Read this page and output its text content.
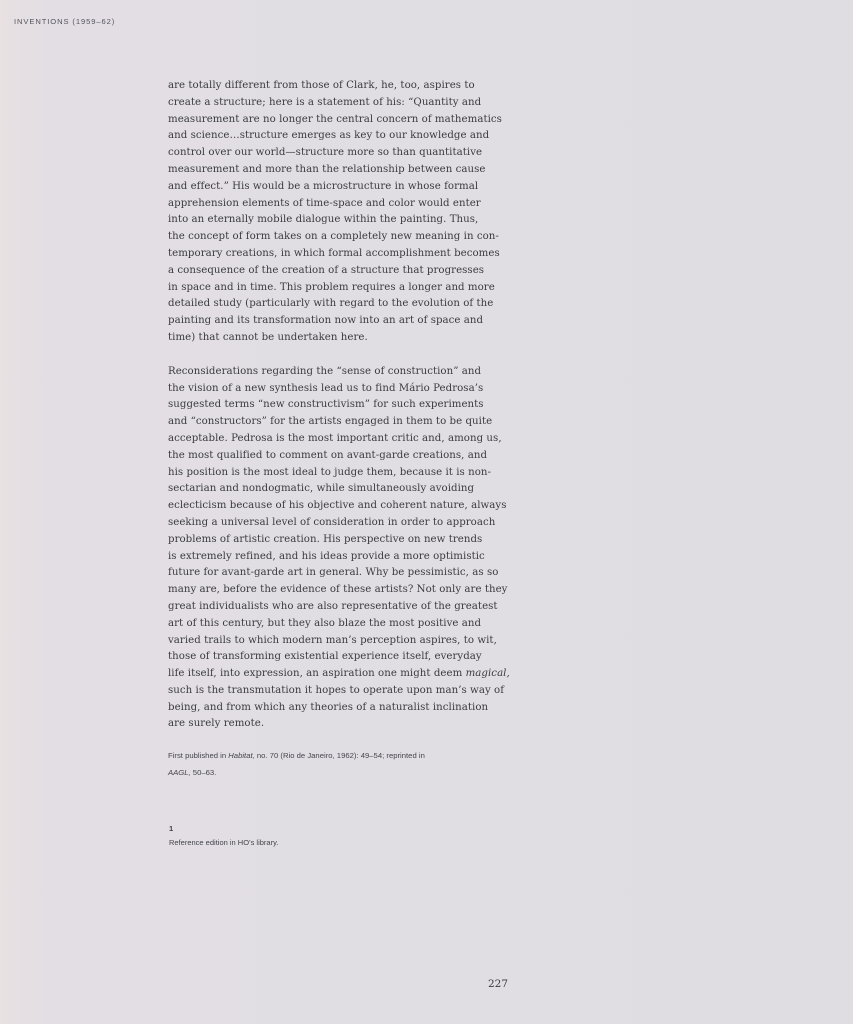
INVENTIONS (1959–62)

are totally different from those of Clark, he, too, aspires to
create a structure; here is a statement of his: “Quantity and
measurement are no longer the central concern of mathematics
and science…structure emerges as key to our knowledge and
control over our world—structure more so than quantitative
measurement and more than the relationship between cause
and effect.” His would be a microstructure in whose formal
apprehension elements of time-space and color would enter
into an eternally mobile dialogue within the painting. Thus,
the concept of form takes on a completely new meaning in con-
temporary creations, in which formal accomplishment becomes
a consequence of the creation of a structure that progresses
in space and in time. This problem requires a longer and more
detailed study (particularly with regard to the evolution of the
painting and its transformation now into an art of space and
time) that cannot be undertaken here.

Reconsiderations regarding the “sense of construction” and
the vision of a new synthesis lead us to find Mário Pedrosa’s
suggested terms “new constructivism” for such experiments
and “constructors” for the artists engaged in them to be quite
acceptable. Pedrosa is the most important critic and, among us,
the most qualified to comment on avant-garde creations, and
his position is the most ideal to judge them, because it is non-
sectarian and nondogmatic, while simultaneously avoiding
eclecticism because of his objective and coherent nature, always
seeking a universal level of consideration in order to approach
problems of artistic creation. His perspective on new trends
is extremely refined, and his ideas provide a more optimistic
future for avant-garde art in general. Why be pessimistic, as so
many are, before the evidence of these artists? Not only are they
great individualists who are also representative of the greatest
art of this century, but they also blaze the most positive and
varied trails to which modern man’s perception aspires, to wit,
those of transforming existential experience itself, everyday
life itself, into expression, an aspiration one might deem magical,
such is the transmutation it hopes to operate upon man’s way of
being, and from which any theories of a naturalist inclination
are surely remote.

First published in Habitat, no. 70 (Rio de Janeiro, 1962): 49–54; reprinted in
AAGL, 50–63.
1
Reference edition in HO’s library.
227
